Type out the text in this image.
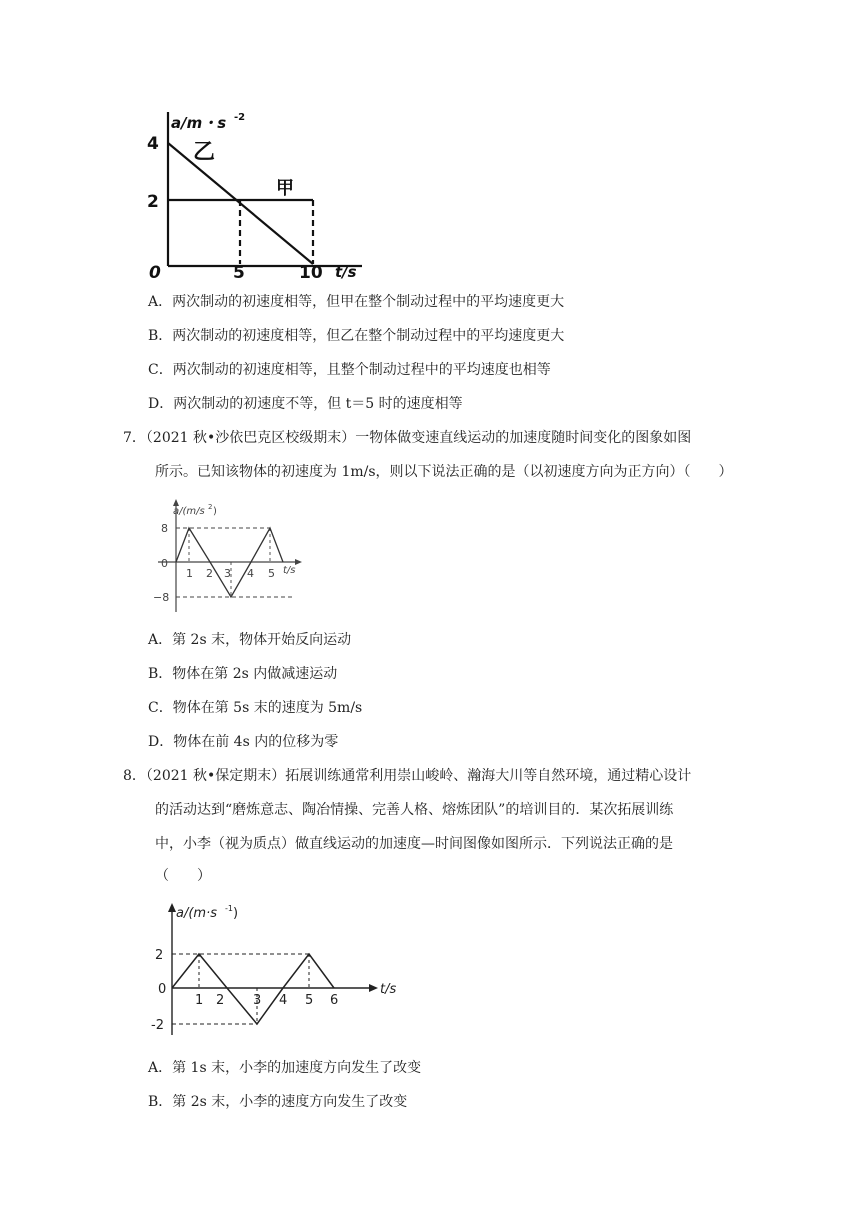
a/m・s -2
4
2
0	5	10 t/s
乙
甲
A．两次制动的初速度相等，但甲在整个制动过程中的平均速度更大
B．两次制动的初速度相等，但乙在整个制动过程中的平均速度更大
C．两次制动的初速度相等，且整个制动过程中的平均速度也相等
D．两次制动的初速度不等，但 t＝5 时的速度相等
7．（2021 秋•沙依巴克区校级期末）一物体做变速直线运动的加速度随时间变化的图象如图
所示。已知该物体的初速度为 1m/s，则以下说法正确的是（以初速度方向为正方向）（　　）
a/(m/s 2 )
8
0
−8
1 2 3 4 5 t/s
A．第 2s 末，物体开始反向运动
B．物体在第 2s 内做减速运动
C．物体在第 5s 末的速度为 5m/s
D．物体在前 4s 内的位移为零
8．（2021 秋•保定期末）拓展训练通常利用崇山峻岭、瀚海大川等自然环境，通过精心设计
的活动达到“磨炼意志、陶冶情操、完善人格、熔炼团队”的培训目的．某次拓展训练
中，小李（视为质点）做直线运动的加速度—时间图像如图所示．下列说法正确的是
（　　）
a/(m·s -1 )
2
0
-2
1 2 3 4 5 6
t/s
A．第 1s 末，小李的加速度方向发生了改变
B．第 2s 末，小李的速度方向发生了改变
